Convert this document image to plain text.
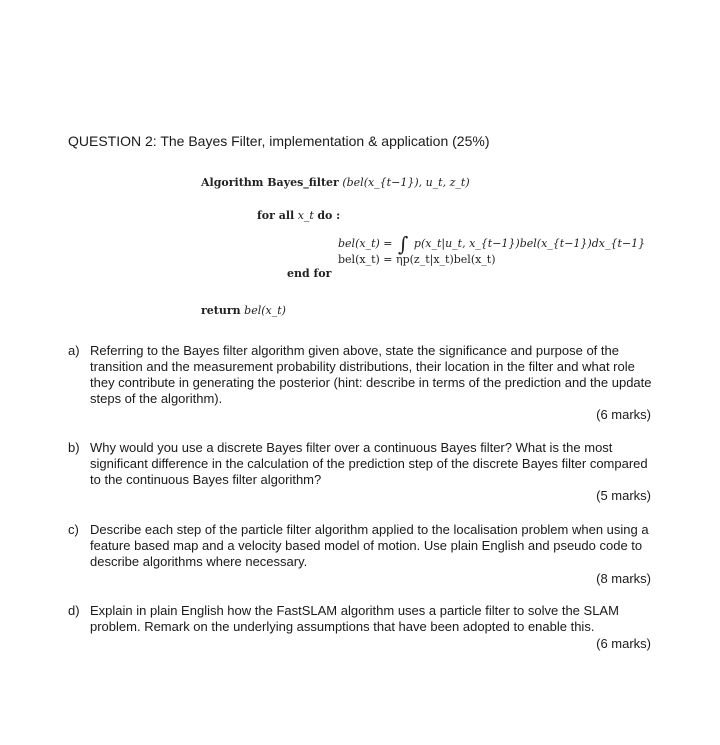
QUESTION 2: The Bayes Filter, implementation & application (25%)
Algorithm Bayes_filter (bel(x_{t−1}), u_t, z_t)
for all x_t do :
bel(x_t) = ∫ p(x_t|u_t, x_{t−1})bel(x_{t−1})dx_{t−1}
bel(x_t) = ηp(z_t|x_t)bel(x_t)
end for
return bel(x_t)
a) Referring to the Bayes filter algorithm given above, state the significance and purpose of the transition and the measurement probability distributions, their location in the filter and what role they contribute in generating the posterior (hint: describe in terms of the prediction and the update steps of the algorithm).
(6 marks)
b) Why would you use a discrete Bayes filter over a continuous Bayes filter? What is the most significant difference in the calculation of the prediction step of the discrete Bayes filter compared to the continuous Bayes filter algorithm?
(5 marks)
c) Describe each step of the particle filter algorithm applied to the localisation problem when using a feature based map and a velocity based model of motion. Use plain English and pseudo code to describe algorithms where necessary.
(8 marks)
d) Explain in plain English how the FastSLAM algorithm uses a particle filter to solve the SLAM problem. Remark on the underlying assumptions that have been adopted to enable this.
(6 marks)
